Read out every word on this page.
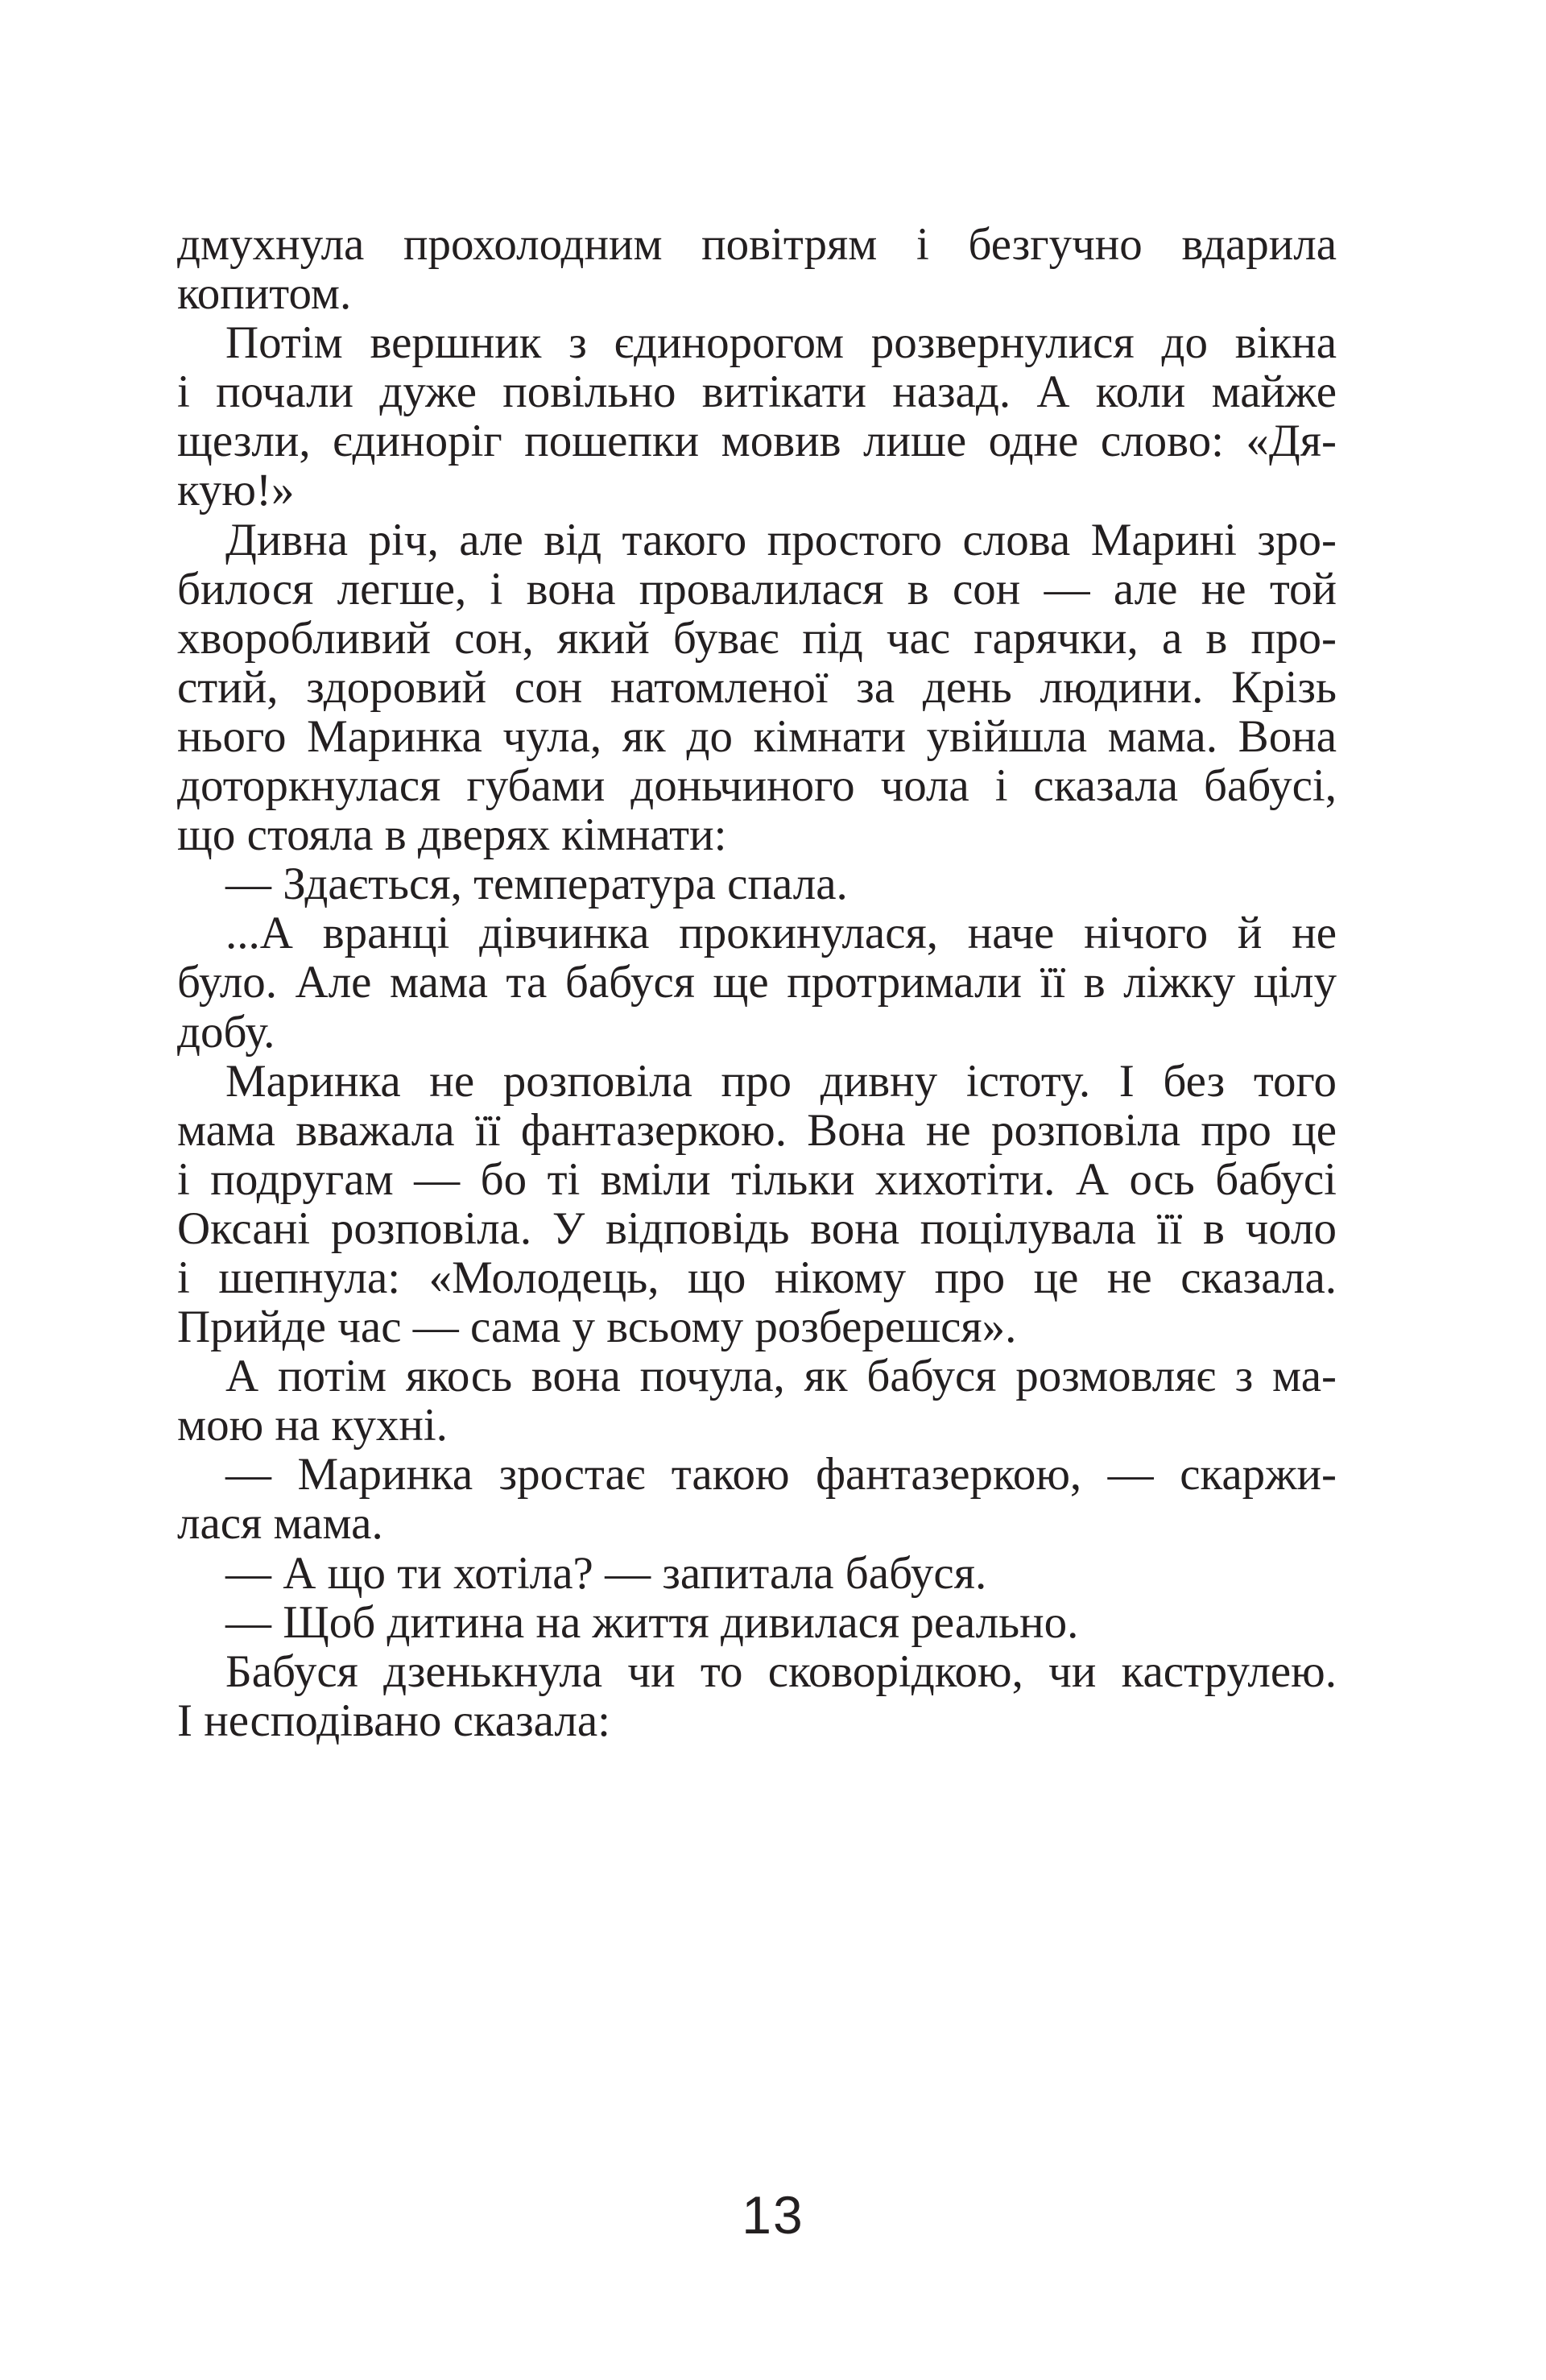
дмухнула прохолодним повітрям і безгучно вдарила
копитом.
Потім вершник з єдинорогом розвернулися до вікна
і почали дуже повільно витікати назад. А коли майже
щезли, єдиноріг пошепки мовив лише одне слово: «Дя-
кую!»
Дивна річ, але від такого простого слова Марині зро-
билося легше, і вона провалилася в сон — але не той
хворобливий сон, який буває під час гарячки, а в про-
стий, здоровий сон натомленої за день людини. Крізь
нього Маринка чула, як до кімнати увійшла мама. Вона
доторкнулася губами доньчиного чола і сказала бабусі,
що стояла в дверях кімнати:
— Здається, температура спала.
...А вранці дівчинка прокинулася, наче нічого й не
було. Але мама та бабуся ще протримали її в ліжку цілу
добу.
Маринка не розповіла про дивну істоту. І без того
мама вважала її фантазеркою. Вона не розповіла про це
і подругам — бо ті вміли тільки хихотіти. А ось бабусі
Оксані розповіла. У відповідь вона поцілувала її в чоло
і шепнула: «Молодець, що нікому про це не сказала.
Прийде час — сама у всьому розберешся».
А потім якось вона почула, як бабуся розмовляє з ма-
мою на кухні.
— Маринка зростає такою фантазеркою, — скаржи-
лася мама.
— А що ти хотіла? — запитала бабуся.
— Щоб дитина на життя дивилася реально.
Бабуся дзенькнула чи то сковорідкою, чи каструлею.
І несподівано сказала:
13
